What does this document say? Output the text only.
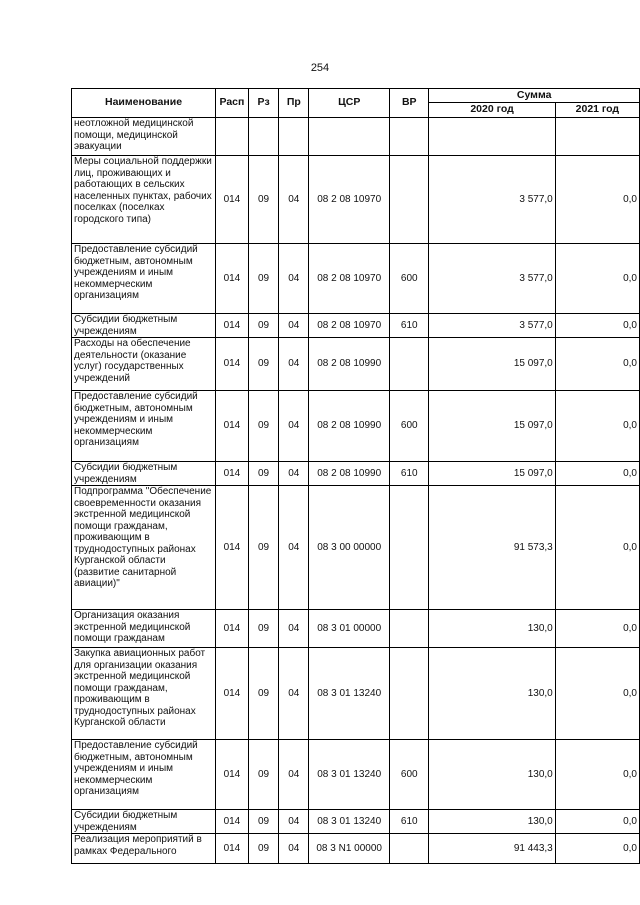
254
Наименование	Расп	Рз	Пр	ЦСР	ВР	Сумма	
						2020 год	2021 год
неотложной медицинской помощи, медицинской эвакуации							
Меры социальной поддержки лиц, проживающих и работающих в сельских населенных пунктах, рабочих поселках (поселках городского типа)	014	09	04	08 2 08 10970		3 577,0	0,0
Предоставление субсидий бюджетным, автономным учреждениям и иным некоммерческим организациям	014	09	04	08 2 08 10970	600	3 577,0	0,0
Субсидии бюджетным учреждениям	014	09	04	08 2 08 10970	610	3 577,0	0,0
Расходы на обеспечение деятельности (оказание услуг) государственных учреждений	014	09	04	08 2 08 10990		15 097,0	0,0
Предоставление субсидий бюджетным, автономным учреждениям и иным некоммерческим организациям	014	09	04	08 2 08 10990	600	15 097,0	0,0
Субсидии бюджетным учреждениям	014	09	04	08 2 08 10990	610	15 097,0	0,0
Подпрограмма "Обеспечение своевременности оказания экстренной медицинской помощи гражданам, проживающим в труднодоступных районах Курганской области (развитие санитарной авиации)"	014	09	04	08 3 00 00000		91 573,3	0,0
Организация оказания экстренной медицинской помощи гражданам	014	09	04	08 3 01 00000		130,0	0,0
Закупка авиационных работ для организации оказания экстренной медицинской помощи гражданам, проживающим в труднодоступных районах Курганской области	014	09	04	08 3 01 13240		130,0	0,0
Предоставление субсидий бюджетным, автономным учреждениям и иным некоммерческим организациям	014	09	04	08 3 01 13240	600	130,0	0,0
Субсидии бюджетным учреждениям	014	09	04	08 3 01 13240	610	130,0	0,0
Реализация мероприятий в рамках Федерального	014	09	04	08 3 N1 00000		91 443,3	0,0
